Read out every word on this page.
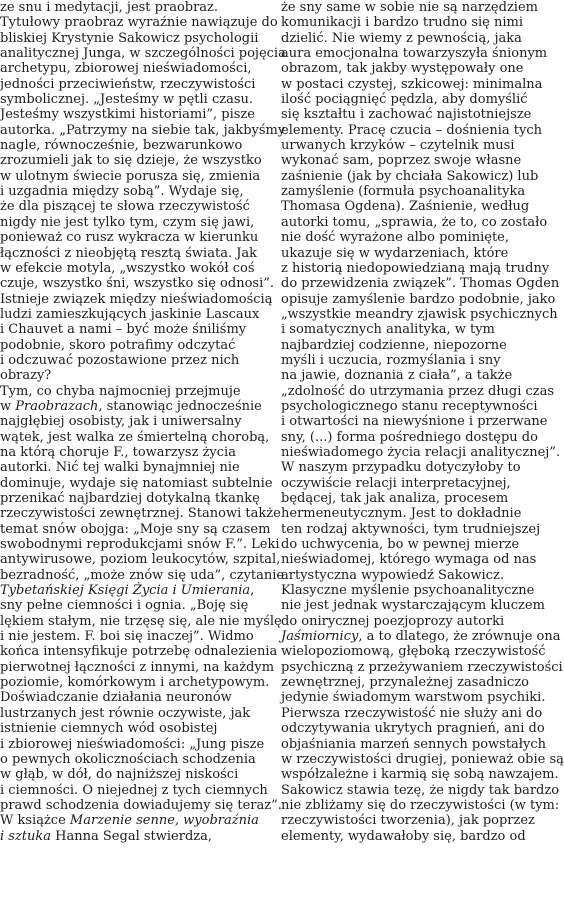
ze snu i medytacji, jest praobraz.
Tytułowy praobraz wyraźnie nawiązuje do
bliskiej Krystynie Sakowicz psychologii
analitycznej Junga, w szczególności pojęcia
archetypu, zbiorowej nieświadomości,
jedności przeciwieństw, rzeczywistości
symbolicznej. „Jesteśmy w pętli czasu.
Jesteśmy wszystkimi historiami”, pisze
autorka. „Patrzymy na siebie tak, jakbyśmy
nagle, równocześnie, bezwarunkowo
zrozumieli jak to się dzieje, że wszystko
w ulotnym świecie porusza się, zmienia
i uzgadnia między sobą”. Wydaje się,
że dla piszącej te słowa rzeczywistość
nigdy nie jest tylko tym, czym się jawi,
ponieważ co rusz wykracza w kierunku
łączności z nieobjętą resztą świata. Jak
w efekcie motyla, „wszystko wokół coś
czuje, wszystko śni, wszystko się odnosi”.
Istnieje związek między nieświadomością
ludzi zamieszkujących jaskinie Lascaux
i Chauvet a nami – być może śniliśmy
podobnie, skoro potrafimy odczytać
i odczuwać pozostawione przez nich
obrazy?
Tym, co chyba najmocniej przejmuje
w Praobrazach, stanowiąc jednocześnie
najgłębiej osobisty, jak i uniwersalny
wątek, jest walka ze śmiertelną chorobą,
na którą choruje F., towarzysz życia
autorki. Nić tej walki bynajmniej nie
dominuje, wydaje się natomiast subtelnie
przenikać najbardziej dotykalną tkankę
rzeczywistości zewnętrznej. Stanowi także
temat snów obojga: „Moje sny są czasem
swobodnymi reprodukcjami snów F.”. Leki
antywirusowe, poziom leukocytów, szpital,
bezradność, „może znów się uda”, czytanie
Tybetańskiej Księgi Życia i Umierania,
sny pełne ciemności i ognia. „Boję się
lękiem stałym, nie trzęsę się, ale nie myślę
i nie jestem. F. boi się inaczej”. Widmo
końca intensyfikuje potrzebę odnalezienia
pierwotnej łączności z innymi, na każdym
poziomie, komórkowym i archetypowym.
Doświadczanie działania neuronów
lustrzanych jest równie oczywiste, jak
istnienie ciemnych wód osobistej
i zbiorowej nieświadomości: „Jung pisze
o pewnych okolicznościach schodzenia
w głąb, w dół, do najniższej niskości
i ciemności. O niejednej z tych ciemnych
prawd schodzenia dowiadujemy się teraz”.
W książce Marzenie senne, wyobraźnia
i sztuka Hanna Segal stwierdza,
że sny same w sobie nie są narzędziem
komunikacji i bardzo trudno się nimi
dzielić. Nie wiemy z pewnością, jaka
aura emocjonalna towarzyszyła śnionym
obrazom, tak jakby występowały one
w postaci czystej, szkicowej: minimalna
ilość pociągnięć pędzla, aby domyślić
się kształtu i zachować najistotniejsze
elementy. Pracę czucia – dośnienia tych
urwanych krzyków – czytelnik musi
wykonać sam, poprzez swoje własne
zaśnienie (jak by chciała Sakowicz) lub
zamyślenie (formuła psychoanalityka
Thomasa Ogdena). Zaśnienie, według
autorki tomu, „sprawia, że to, co zostało
nie dość wyrażone albo pominięte,
ukazuje się w wydarzeniach, które
z historią niedopowiedzianą mają trudny
do przewidzenia związek”. Thomas Ogden
opisuje zamyślenie bardzo podobnie, jako
„wszystkie meandry zjawisk psychicznych
i somatycznych analityka, w tym
najbardziej codzienne, niepozorne
myśli i uczucia, rozmyślania i sny
na jawie, doznania z ciała”, a także
„zdolność do utrzymania przez długi czas
psychologicznego stanu receptywności
i otwartości na niewyśnione i przerwane
sny, (...) forma pośredniego dostępu do
nieświadomego życia relacji analitycznej”.
W naszym przypadku dotyczyłoby to
oczywiście relacji interpretacyjnej,
będącej, tak jak analiza, procesem
hermeneutycznym. Jest to dokładnie
ten rodzaj aktywności, tym trudniejszej
do uchwycenia, bo w pewnej mierze
nieświadomej, którego wymaga od nas
artystyczna wypowiedź Sakowicz.
Klasyczne myślenie psychoanalityczne
nie jest jednak wystarczającym kluczem
do onirycznej poezjoprozy autorki
Jaśmiornicy, a to dlatego, że zrównuje ona
wielopoziomową, głęboką rzeczywistość
psychiczną z przeżywaniem rzeczywistości
zewnętrznej, przynależnej zasadniczo
jedynie świadomym warstwom psychiki.
Pierwsza rzeczywistość nie służy ani do
odczytywania ukrytych pragnień, ani do
objaśniania marzeń sennych powstałych
w rzeczywistości drugiej, ponieważ obie są
współzależne i karmią się sobą nawzajem.
Sakowicz stawia tezę, że nigdy tak bardzo
nie zbliżamy się do rzeczywistości (w tym:
rzeczywistości tworzenia), jak poprzez
elementy, wydawałoby się, bardzo od
